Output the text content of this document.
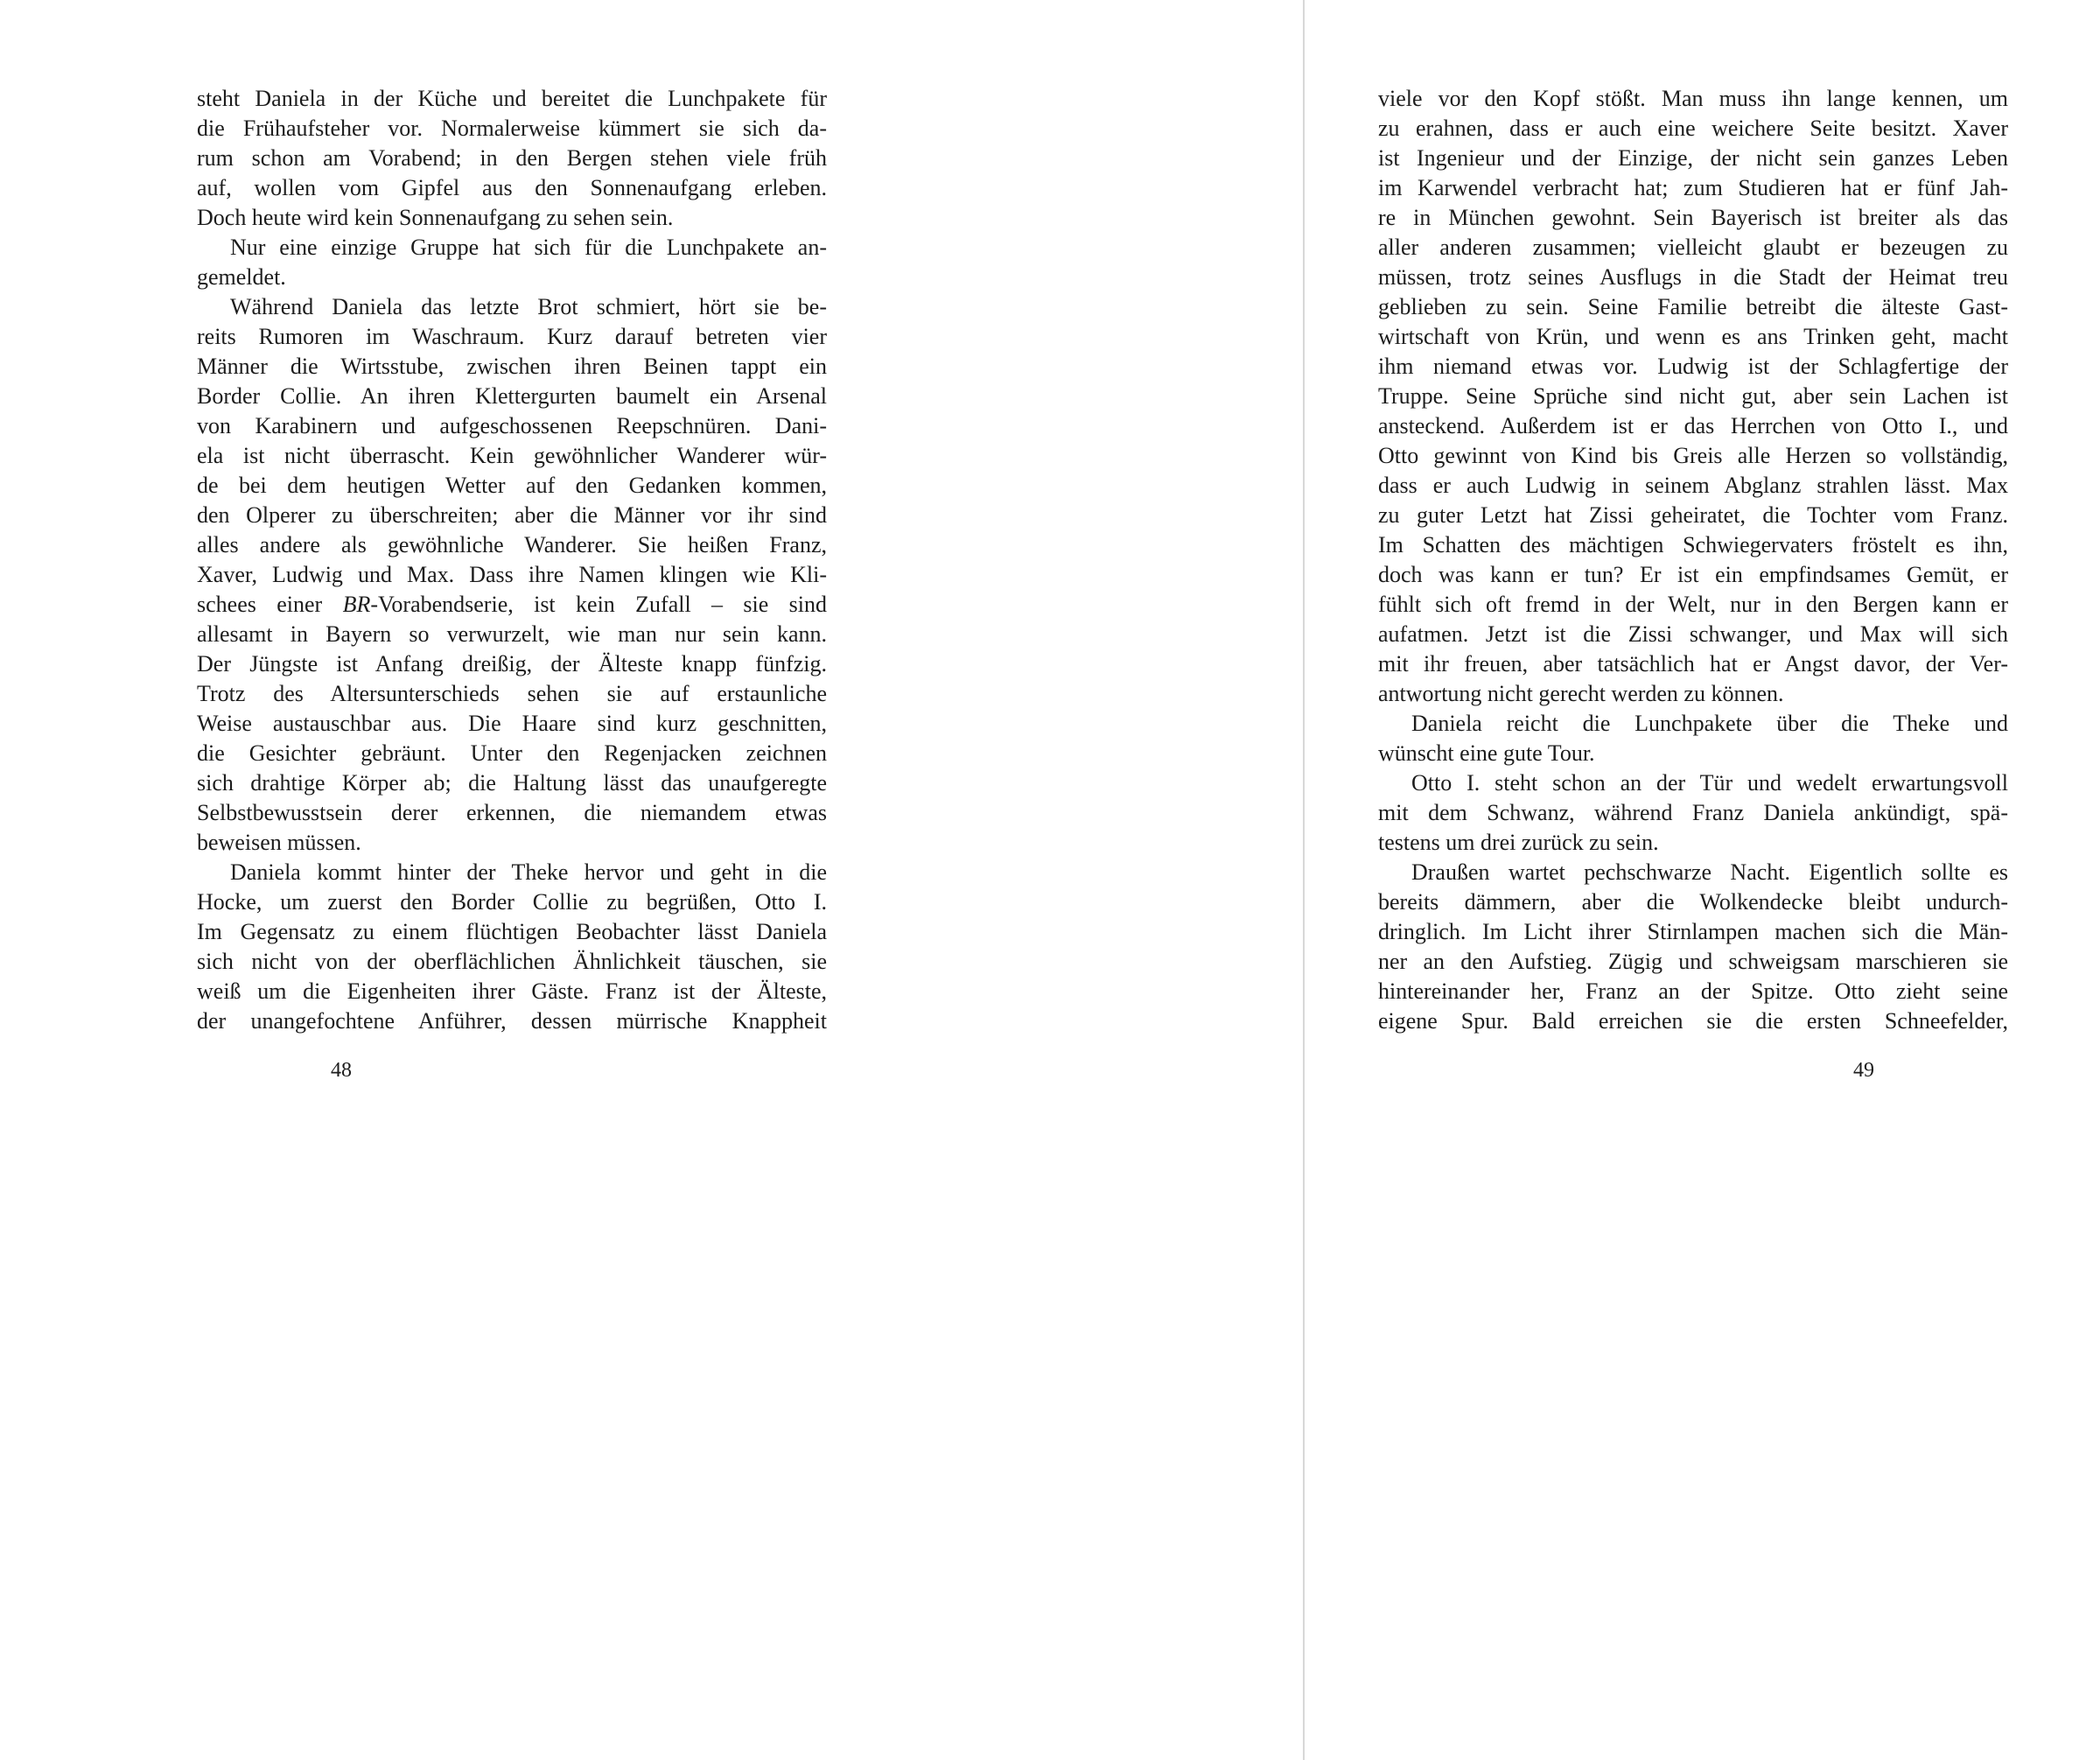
steht Daniela in der Küche und bereitet die Lunchpakete für
die Frühaufsteher vor. Normalerweise kümmert sie sich da-
rum schon am Vorabend; in den Bergen stehen viele früh
auf, wollen vom Gipfel aus den Sonnenaufgang erleben.
Doch heute wird kein Sonnenaufgang zu sehen sein.
Nur eine einzige Gruppe hat sich für die Lunchpakete an-
gemeldet.
Während Daniela das letzte Brot schmiert, hört sie be-
reits Rumoren im Waschraum. Kurz darauf betreten vier
Männer die Wirtsstube, zwischen ihren Beinen tappt ein
Border Collie. An ihren Klettergurten baumelt ein Arsenal
von Karabinern und aufgeschossenen Reepschnüren. Dani-
ela ist nicht überrascht. Kein gewöhnlicher Wanderer wür-
de bei dem heutigen Wetter auf den Gedanken kommen,
den Olperer zu überschreiten; aber die Männer vor ihr sind
alles andere als gewöhnliche Wanderer. Sie heißen Franz,
Xaver, Ludwig und Max. Dass ihre Namen klingen wie Kli-
schees einer BR-Vorabendserie, ist kein Zufall – sie sind
allesamt in Bayern so verwurzelt, wie man nur sein kann.
Der Jüngste ist Anfang dreißig, der Älteste knapp fünfzig.
Trotz des Altersunterschieds sehen sie auf erstaunliche
Weise austauschbar aus. Die Haare sind kurz geschnitten,
die Gesichter gebräunt. Unter den Regenjacken zeichnen
sich drahtige Körper ab; die Haltung lässt das unaufgeregte
Selbstbewusstsein derer erkennen, die niemandem etwas
beweisen müssen.
Daniela kommt hinter der Theke hervor und geht in die
Hocke, um zuerst den Border Collie zu begrüßen, Otto I.
Im Gegensatz zu einem flüchtigen Beobachter lässt Daniela
sich nicht von der oberflächlichen Ähnlichkeit täuschen, sie
weiß um die Eigenheiten ihrer Gäste. Franz ist der Älteste,
der unangefochtene Anführer, dessen mürrische Knappheit
48
viele vor den Kopf stößt. Man muss ihn lange kennen, um
zu erahnen, dass er auch eine weichere Seite besitzt. Xaver
ist Ingenieur und der Einzige, der nicht sein ganzes Leben
im Karwendel verbracht hat; zum Studieren hat er fünf Jah-
re in München gewohnt. Sein Bayerisch ist breiter als das
aller anderen zusammen; vielleicht glaubt er bezeugen zu
müssen, trotz seines Ausflugs in die Stadt der Heimat treu
geblieben zu sein. Seine Familie betreibt die älteste Gast-
wirtschaft von Krün, und wenn es ans Trinken geht, macht
ihm niemand etwas vor. Ludwig ist der Schlagfertige der
Truppe. Seine Sprüche sind nicht gut, aber sein Lachen ist
ansteckend. Außerdem ist er das Herrchen von Otto I., und
Otto gewinnt von Kind bis Greis alle Herzen so vollständig,
dass er auch Ludwig in seinem Abglanz strahlen lässt. Max
zu guter Letzt hat Zissi geheiratet, die Tochter vom Franz.
Im Schatten des mächtigen Schwiegervaters fröstelt es ihn,
doch was kann er tun? Er ist ein empfindsames Gemüt, er
fühlt sich oft fremd in der Welt, nur in den Bergen kann er
aufatmen. Jetzt ist die Zissi schwanger, und Max will sich
mit ihr freuen, aber tatsächlich hat er Angst davor, der Ver-
antwortung nicht gerecht werden zu können.
Daniela reicht die Lunchpakete über die Theke und
wünscht eine gute Tour.
Otto I. steht schon an der Tür und wedelt erwartungsvoll
mit dem Schwanz, während Franz Daniela ankündigt, spä-
testens um drei zurück zu sein.
Draußen wartet pechschwarze Nacht. Eigentlich sollte es
bereits dämmern, aber die Wolkendecke bleibt undurch-
dringlich. Im Licht ihrer Stirnlampen machen sich die Män-
ner an den Aufstieg. Zügig und schweigsam marschieren sie
hintereinander her, Franz an der Spitze. Otto zieht seine
eigene Spur. Bald erreichen sie die ersten Schneefelder,
49
